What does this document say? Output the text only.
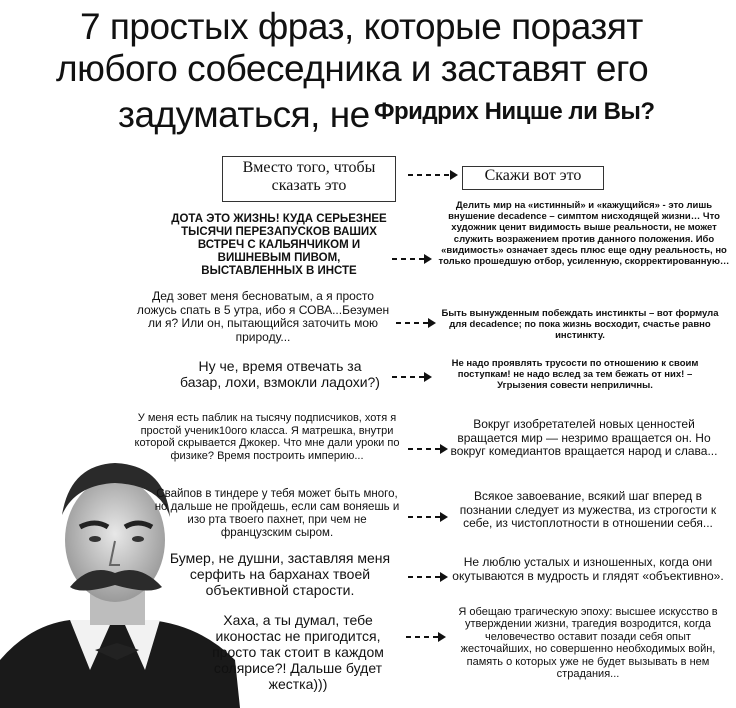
7 простых фраз, которые поразят
любого собеседника и заставят его
задуматься, не Фридрих Ницше ли Вы?
Вместо того, чтобы сказать это
Скажи вот это
ДОТА ЭТО ЖИЗНЬ! КУДА СЕРЬЕЗНЕЕ ТЫСЯЧИ ПЕРЕЗАПУСКОВ ВАШИХ ВСТРЕЧ С КАЛЬЯНЧИКОМ И ВИШНЕВЫМ ПИВОМ, ВЫСТАВЛЕННЫХ В ИНСТЕ
Делить мир на «истинный» и «кажущийся» - это лишь внушение decadence – симптом нисходящей жизни… Что художник ценит видимость выше реальности, не может служить возражением против данного положения. Ибо «видимость» означает здесь плюс еще одну реальность, но только прошедшую отбор, усиленную, скорректированную…
Дед зовет меня бесноватым, а я просто ложусь спать в 5 утра, ибо я СОВА...Безумен ли я? Или он, пытающийся заточить мою природу...
Быть вынужденным побеждать инстинкты – вот формула для decadence; по пока жизнь восходит, счастье равно инстинкту.
Ну че, время отвечать за базар, лохи, взмокли ладохи?)
Не надо проявлять трусости по отношению к своим поступкам! не надо вслед за тем бежать от них! – Угрызения совести неприличны.
У меня есть паблик на тысячу подписчиков, хотя я простой ученик10ого класса. Я матрешка, внутри которой скрывается Джокер. Что мне дали уроки по физике? Время построить империю...
Вокруг изобретателей новых ценностей вращается мир — незримо вращается он. Но вокруг комедиантов вращается народ и слава...
Свайпов в тиндере у тебя может быть много, но дальше не пройдешь, если сам воняешь и изо рта твоего пахнет, при чем не французским сыром.
Всякое завоевание, всякий шаг вперед в познании следует из мужества, из строгости к себе, из чистоплотности в отношении себя...
Бумер, не душни, заставляя меня серфить на барханах твоей объективной старости.
Не люблю усталых и изношенных, когда они окутываются в мудрость и глядят «объективно».
Хаха, а ты думал, тебе иконостас не пригодится, просто так стоит в каждом солярисе?! Дальше будет жестка)))
Я обещаю трагическую эпоху: высшее искусство в утверждении жизни, трагедия возродится, когда человечество оставит позади себя опыт жесточайших, но совершенно необходимых войн, память о которых уже не будет вызывать в нем страдания...
